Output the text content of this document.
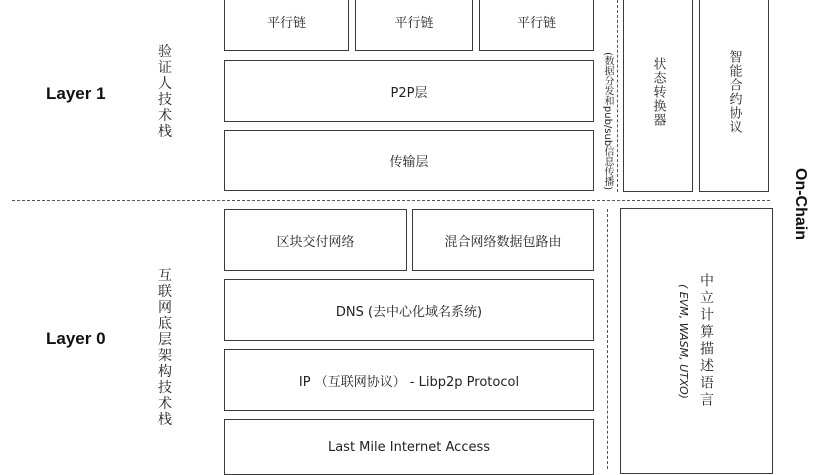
Layer 1
验证人技术栈
平行链	平行链	平行链
P2P层
传输层	(数据分发和pub/sub信息传播)	状态转换器	智能合约协议
On-Chain
Layer 0
互联网底层架构技术栈
区块交付网络	混合网络数据包路由
DNS (去中心化域名系统)
IP （互联网协议） - Libp2p Protocol
Last Mile Internet Access
中立计算描述语言
( EVM, WASM, UTXO)
